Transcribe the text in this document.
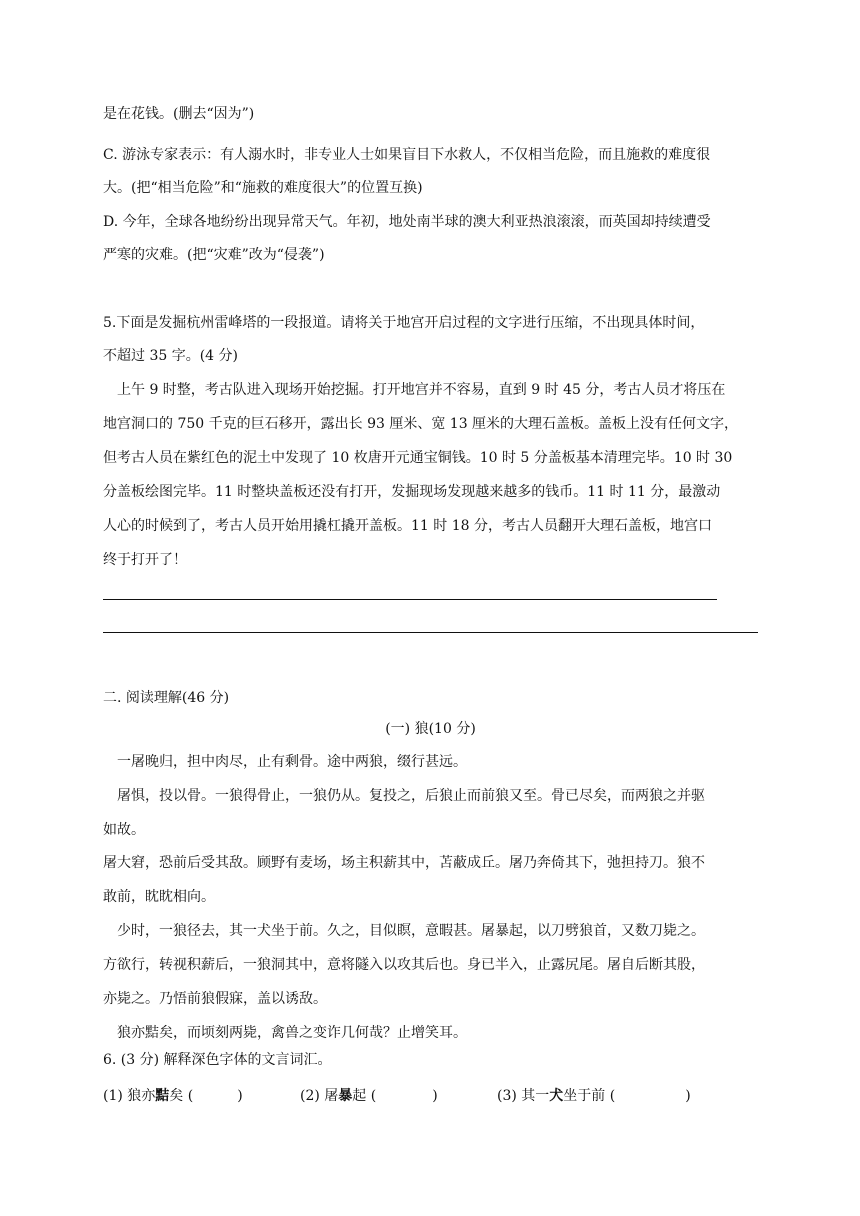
是在花钱。(删去“因为”)
C. 游泳专家表示：有人溺水时，非专业人士如果盲目下水救人，不仅相当危险，而且施救的难度很
大。(把“相当危险”和“施救的难度很大”的位置互换)
D. 今年，全球各地纷纷出现异常天气。年初，地处南半球的澳大利亚热浪滚滚，而英国却持续遭受
严寒的灾难。(把“灾难”改为“侵袭”)
5.下面是发掘杭州雷峰塔的一段报道。请将关于地宫开启过程的文字进行压缩，不出现具体时间，
不超过 35 字。(4 分)
上午 9 时整，考古队进入现场开始挖掘。打开地宫并不容易，直到 9 时 45 分，考古人员才将压在
地宫洞口的 750 千克的巨石移开，露出长 93 厘米、宽 13 厘米的大理石盖板。盖板上没有任何文字，
但考古人员在紫红色的泥土中发现了 10 枚唐开元通宝铜钱。10 时 5 分盖板基本清理完毕。10 时 30
分盖板绘图完毕。11 时整块盖板还没有打开，发掘现场发现越来越多的钱币。11 时 11 分，最激动
人心的时候到了，考古人员开始用撬杠撬开盖板。11 时 18 分，考古人员翻开大理石盖板，地宫口
终于打开了！
二. 阅读理解(46 分)
(一) 狼(10 分)
一屠晚归，担中肉尽，止有剩骨。途中两狼，缀行甚远。
屠惧，投以骨。一狼得骨止，一狼仍从。复投之，后狼止而前狼又至。骨已尽矣，而两狼之并驱
如故。
屠大窘，恐前后受其敌。顾野有麦场，场主积薪其中，苫蔽成丘。屠乃奔倚其下，弛担持刀。狼不
敢前，眈眈相向。
少时，一狼径去，其一犬坐于前。久之，目似瞑，意暇甚。屠暴起，以刀劈狼首，又数刀毙之。
方欲行，转视积薪后，一狼洞其中，意将隧入以攻其后也。身已半入，止露尻尾。屠自后断其股，
亦毙之。乃悟前狼假寐，盖以诱敌。
狼亦黠矣，而顷刻两毙，禽兽之变诈几何哉？止增笑耳。
6. (3 分) 解释深色字体的文言词汇。
(1) 狼亦黠矣 (	)	(2) 屠暴起 (	)	(3) 其一犬坐于前 (	)
